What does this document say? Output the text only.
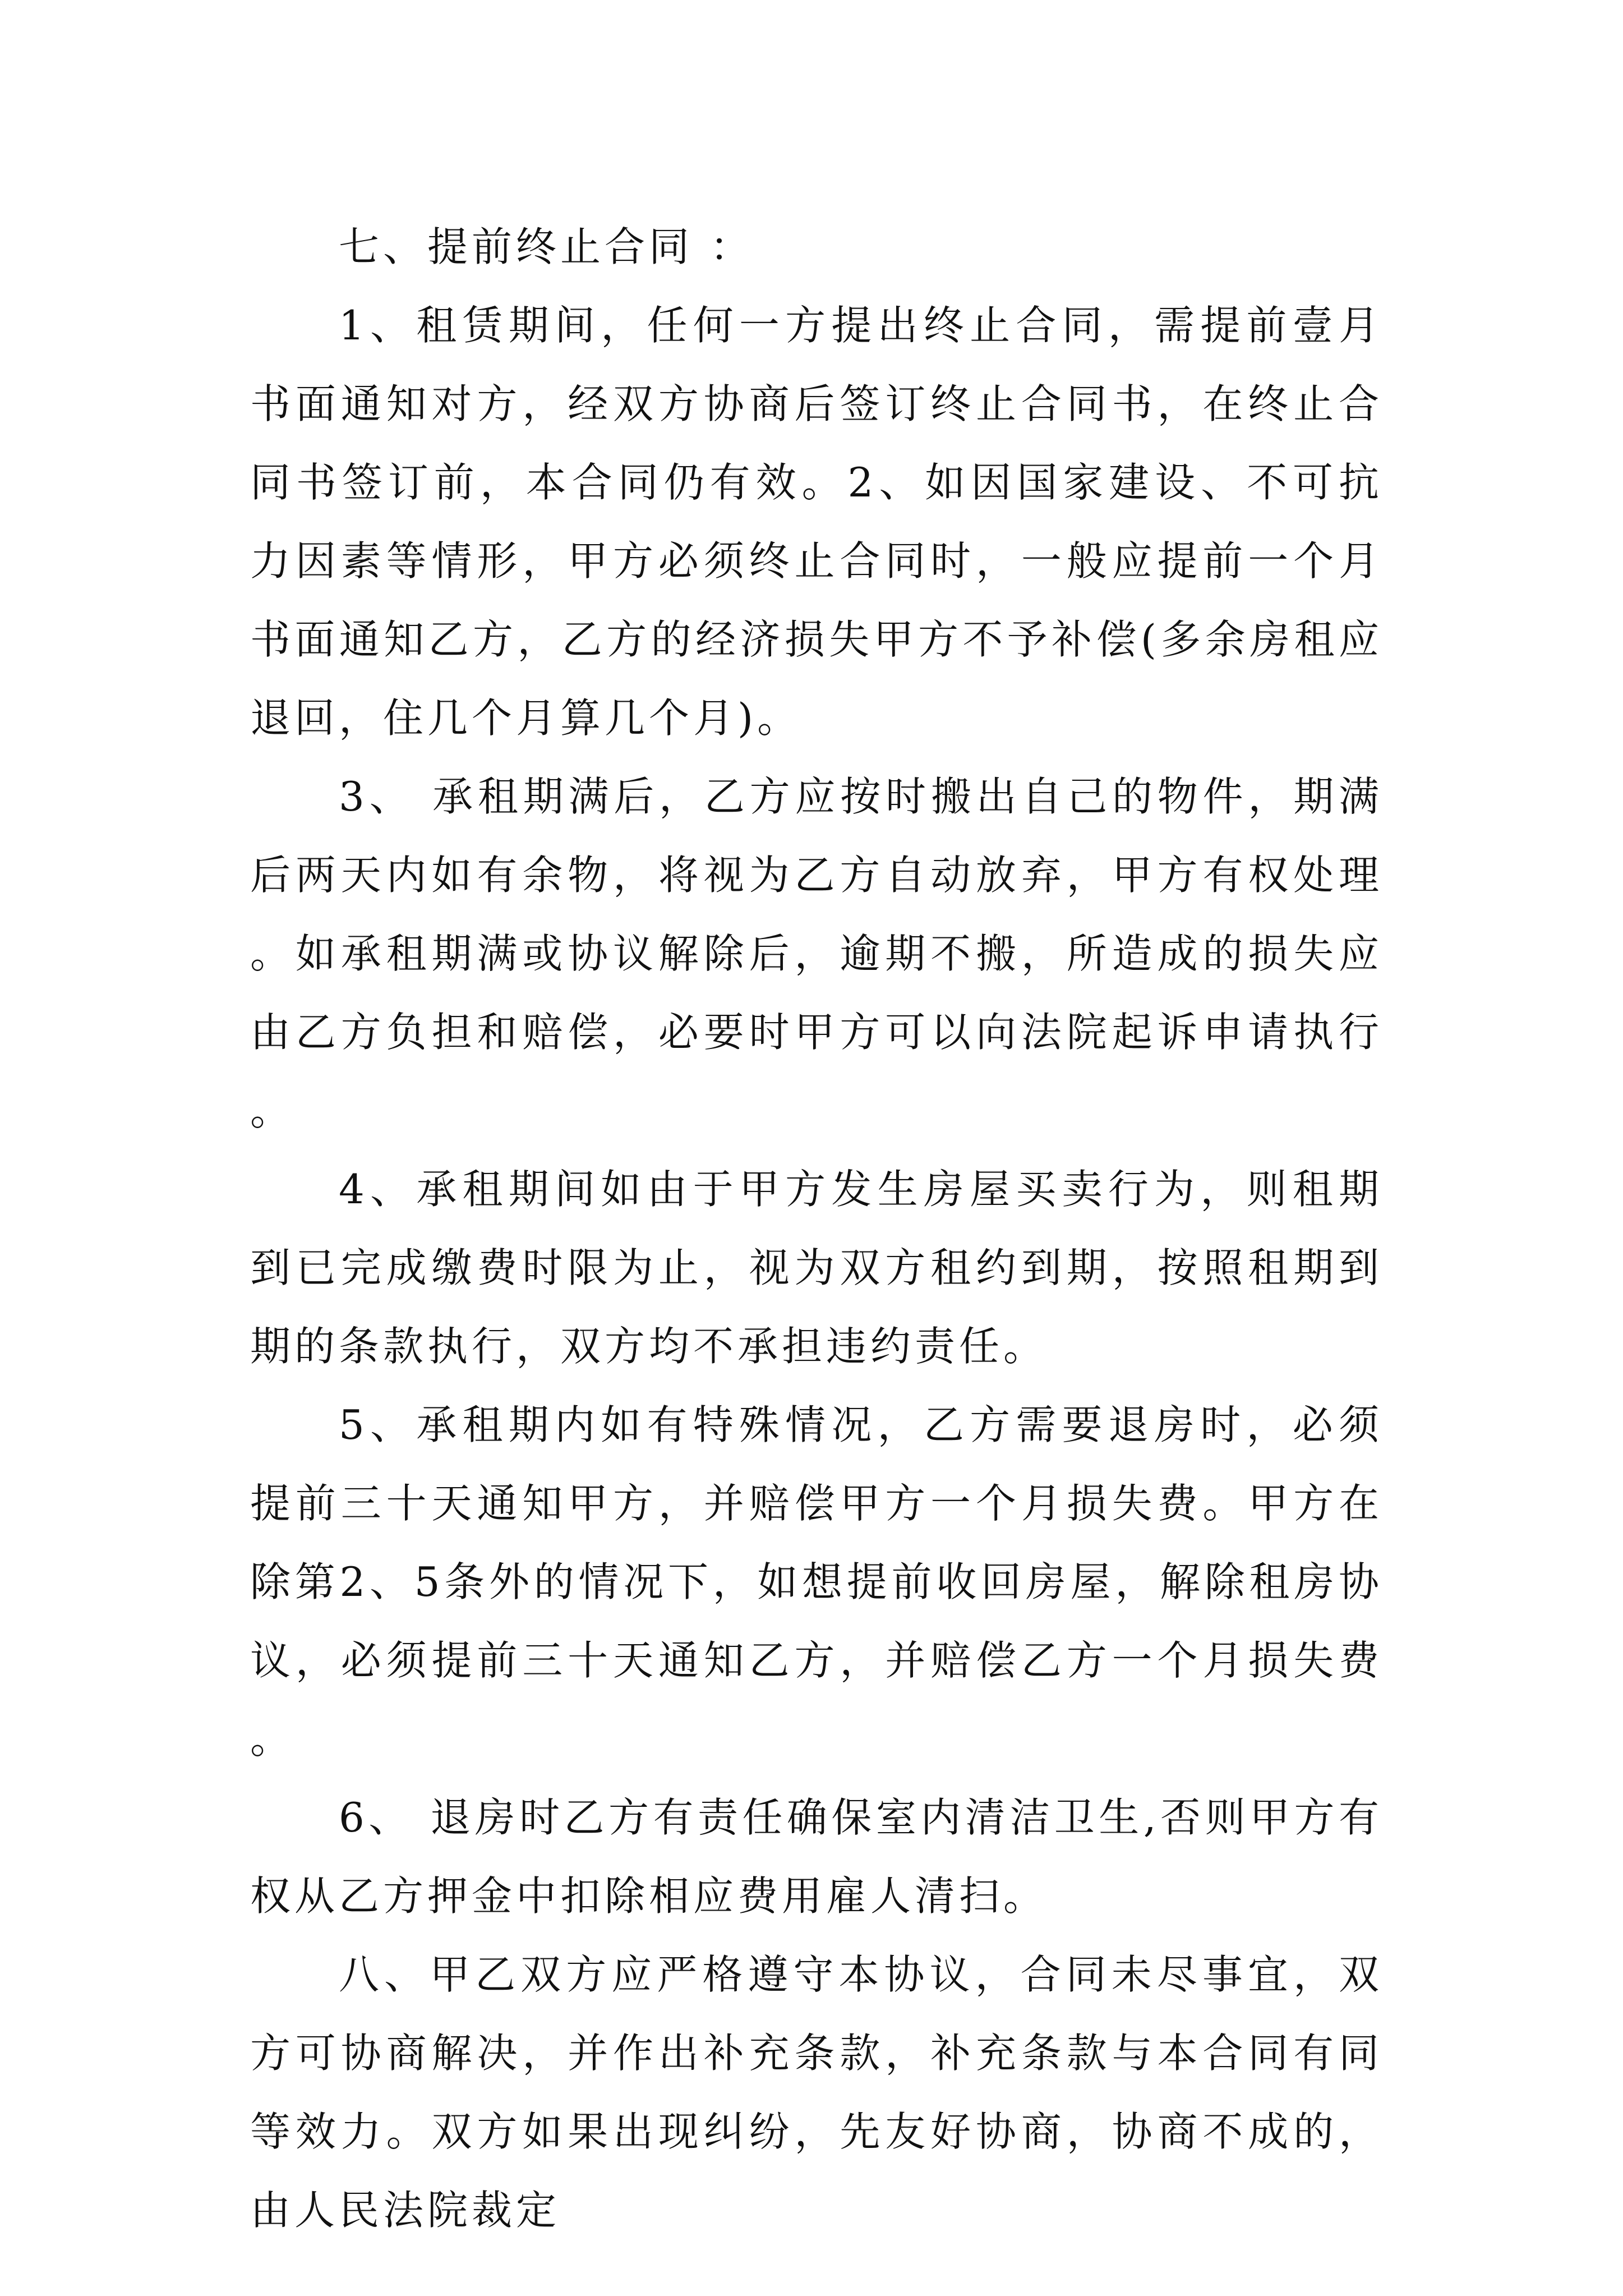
七、提前终止合同 ：

1、租赁期间，任何一方提出终止合同，需提前壹月书面通知对方，经双方协商后签订终止合同书，在终止合同书签订前，本合同仍有效。2、如因国家建设、不可抗力因素等情形，甲方必须终止合同时，一般应提前一个月书面通知乙方，乙方的经济损失甲方不予补偿(多余房租应退回，住几个月算几个月)。

3、 承租期满后，乙方应按时搬出自己的物件，期满后两天内如有余物，将视为乙方自动放弃，甲方有权处理。如承租期满或协议解除后，逾期不搬，所造成的损失应由乙方负担和赔偿，必要时甲方可以向法院起诉申请执行。

4、承租期间如由于甲方发生房屋买卖行为，则租期到已完成缴费时限为止，视为双方租约到期，按照租期到期的条款执行，双方均不承担违约责任。

5、承租期内如有特殊情况，乙方需要退房时，必须提前三十天通知甲方，并赔偿甲方一个月损失费。甲方在除第2、5条外的情况下，如想提前收回房屋，解除租房协议，必须提前三十天通知乙方，并赔偿乙方一个月损失费。

6、 退房时乙方有责任确保室内清洁卫生,否则甲方有权从乙方押金中扣除相应费用雇人清扫。

八、甲乙双方应严格遵守本协议，合同未尽事宜，双方可协商解决，并作出补充条款，补充条款与本合同有同等效力。双方如果出现纠纷，先友好协商，协商不成的，由人民法院裁定
